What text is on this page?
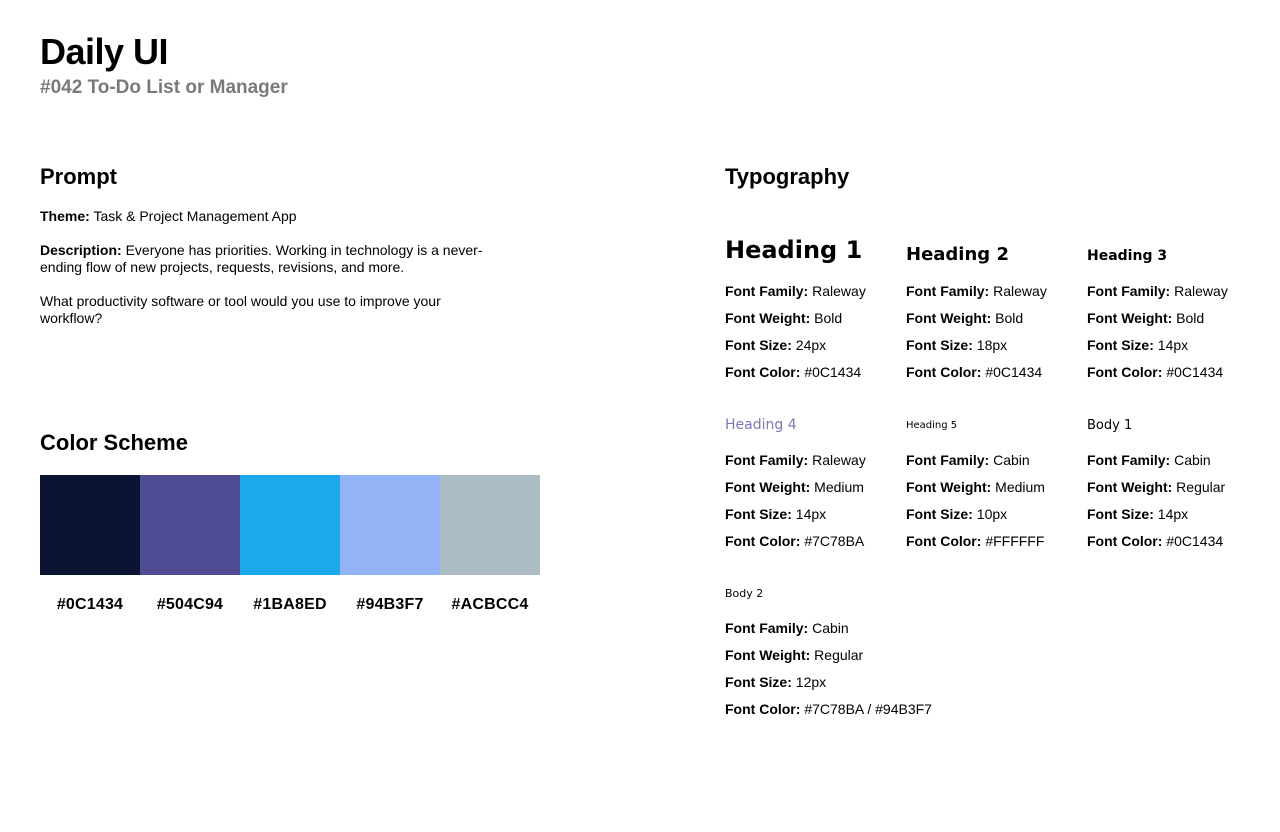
Daily UI
#042 To-Do List or Manager
Prompt

Theme: Task & Project Management App

Description: Everyone has priorities. Working in technology is a never-ending flow of new projects, requests, revisions, and more.

What productivity software or tool would you use to improve your workflow?

Color Scheme
#0C1434 #504C94 #1BA8ED #94B3F7 #ACBCC4
Typography
Heading 1
Font Family: Raleway
Font Weight: Bold
Font Size: 24px
Font Color: #0C1434
Heading 2
Font Family: Raleway
Font Weight: Bold
Font Size: 18px
Font Color: #0C1434
Heading 3
Font Family: Raleway
Font Weight: Bold
Font Size: 14px
Font Color: #0C1434
Heading 4
Font Family: Raleway
Font Weight: Medium
Font Size: 14px
Font Color: #7C78BA
Heading 5
Font Family: Cabin
Font Weight: Medium
Font Size: 10px
Font Color: #FFFFFF
Body 1
Font Family: Cabin
Font Weight: Regular
Font Size: 14px
Font Color: #0C1434
Body 2
Font Family: Cabin
Font Weight: Regular
Font Size: 12px
Font Color: #7C78BA / #94B3F7
